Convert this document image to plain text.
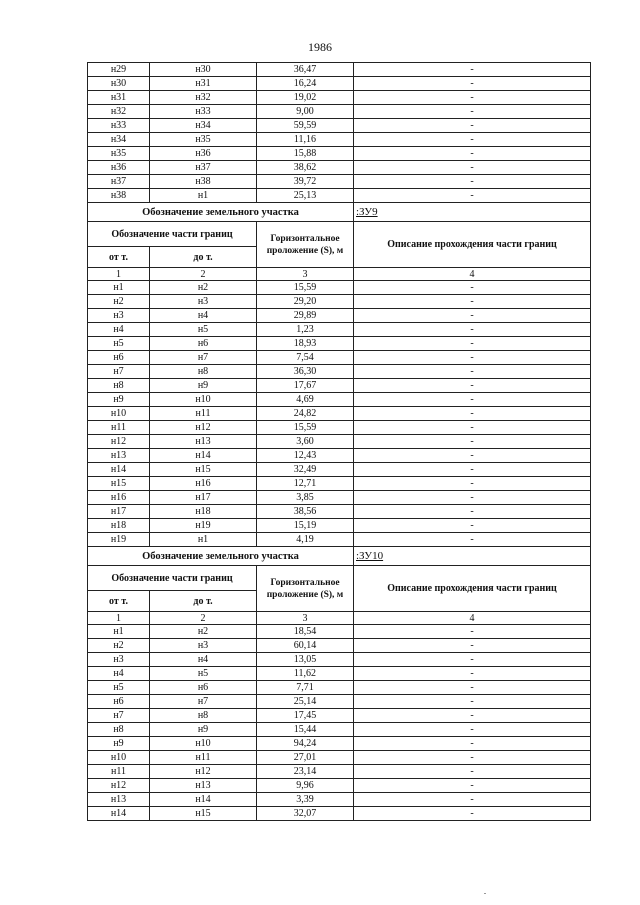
1986
н29	н30	36,47	-
н30	н31	16,24	-
н31	н32	19,02	-
н32	н33	9,00	-
н33	н34	59,59	-
н34	н35	11,16	-
н35	н36	15,88	-
н36	н37	38,62	-
н37	н38	39,72	-
н38	н1	25,13	-
Обозначение земельного участка			:ЗУ9
Обозначение части границ		Горизонтальное проложение (S), м	Описание прохождения части границ
от т.	до т.		
1	2	3	4
н1	н2	15,59	-
н2	н3	29,20	-
н3	н4	29,89	-
н4	н5	1,23	-
н5	н6	18,93	-
н6	н7	7,54	-
н7	н8	36,30	-
н8	н9	17,67	-
н9	н10	4,69	-
н10	н11	24,82	-
н11	н12	15,59	-
н12	н13	3,60	-
н13	н14	12,43	-
н14	н15	32,49	-
н15	н16	12,71	-
н16	н17	3,85	-
н17	н18	38,56	-
н18	н19	15,19	-
н19	н1	4,19	-
Обозначение земельного участка			:ЗУ10
Обозначение части границ		Горизонтальное проложение (S), м	Описание прохождения части границ
от т.	до т.		
1	2	3	4
н1	н2	18,54	-
н2	н3	60,14	-
н3	н4	13,05	-
н4	н5	11,62	-
н5	н6	7,71	-
н6	н7	25,14	-
н7	н8	17,45	-
н8	н9	15,44	-
н9	н10	94,24	-
н10	н11	27,01	-
н11	н12	23,14	-
н12	н13	9,96	-
н13	н14	3,39	-
н14	н15	32,07	-
